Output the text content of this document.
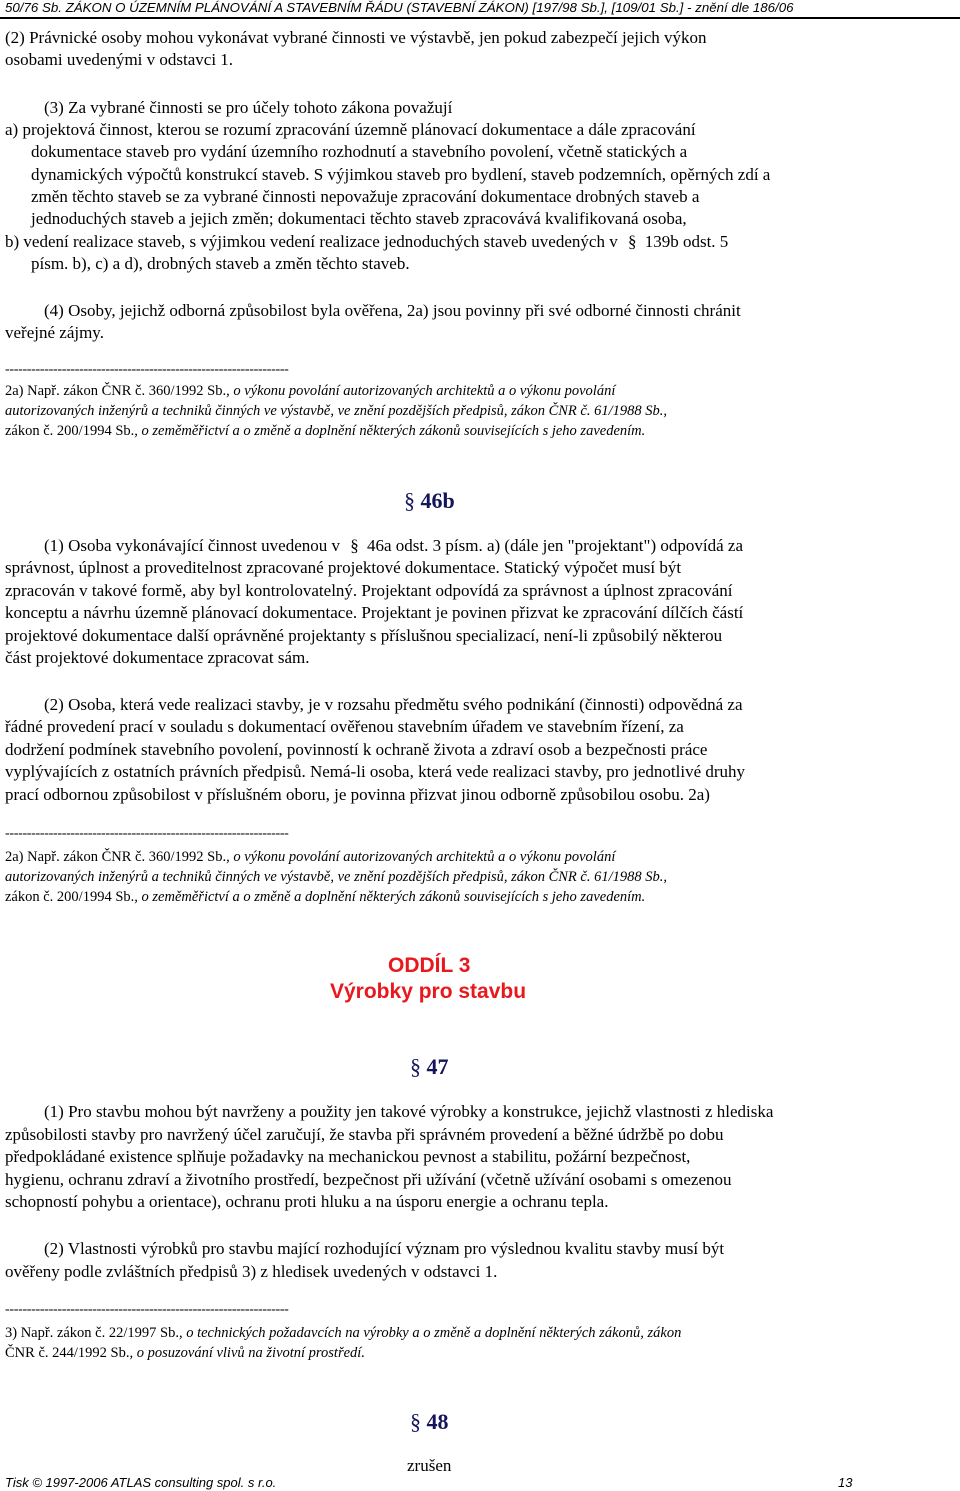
50/76 Sb. ZÁKON O ÚZEMNÍM PLÁNOVÁNÍ A STAVEBNÍM ŘÁDU (STAVEBNÍ ZÁKON) [197/98 Sb.], [109/01 Sb.] - znění dle 186/06
(2) Právnické osoby mohou vykonávat vybrané činnosti ve výstavbě, jen pokud zabezpečí jejich výkon
osobami uvedenými v odstavci 1.
(3) Za vybrané činnosti se pro účely tohoto zákona považují
a) projektová činnost, kterou se rozumí zpracování územně plánovací dokumentace a dále zpracování
dokumentace staveb pro vydání územního rozhodnutí a stavebního povolení, včetně statických a
dynamických výpočtů konstrukcí staveb. S výjimkou staveb pro bydlení, staveb podzemních, opěrných zdí a
změn těchto staveb se za vybrané činnosti nepovažuje zpracování dokumentace drobných staveb a
jednoduchých staveb a jejich změn; dokumentaci těchto staveb zpracovává kvalifikovaná osoba,
b) vedení realizace staveb, s výjimkou vedení realizace jednoduchých staveb uvedených v § 139b odst. 5
písm. b), c) a d), drobných staveb a změn těchto staveb.
(4) Osoby, jejichž odborná způsobilost byla ověřena, 2a) jsou povinny při své odborné činnosti chránit
veřejné zájmy.
-----------------------------------------------------------------
2a) Např. zákon ČNR č. 360/1992 Sb., o výkonu povolání autorizovaných architektů a o výkonu povolání
autorizovaných inženýrů a techniků činných ve výstavbě, ve znění pozdějších předpisů, zákon ČNR č. 61/1988 Sb.,
zákon č. 200/1994 Sb., o zeměměřictví a o změně a doplnění některých zákonů souvisejících s jeho zavedením.
§ 46b
(1) Osoba vykonávající činnost uvedenou v § 46a odst. 3 písm. a) (dále jen "projektant") odpovídá za
správnost, úplnost a proveditelnost zpracované projektové dokumentace. Statický výpočet musí být
zpracován v takové formě, aby byl kontrolovatelný. Projektant odpovídá za správnost a úplnost zpracování
konceptu a návrhu územně plánovací dokumentace. Projektant je povinen přizvat ke zpracování dílčích částí
projektové dokumentace další oprávněné projektanty s příslušnou specializací, není-li způsobilý některou
část projektové dokumentace zpracovat sám.
(2) Osoba, která vede realizaci stavby, je v rozsahu předmětu svého podnikání (činnosti) odpovědná za
řádné provedení prací v souladu s dokumentací ověřenou stavebním úřadem ve stavebním řízení, za
dodržení podmínek stavebního povolení, povinností k ochraně života a zdraví osob a bezpečnosti práce
vyplývajících z ostatních právních předpisů. Nemá-li osoba, která vede realizaci stavby, pro jednotlivé druhy
prací odbornou způsobilost v příslušném oboru, je povinna přizvat jinou odborně způsobilou osobu. 2a)
-----------------------------------------------------------------
2a) Např. zákon ČNR č. 360/1992 Sb., o výkonu povolání autorizovaných architektů a o výkonu povolání
autorizovaných inženýrů a techniků činných ve výstavbě, ve znění pozdějších předpisů, zákon ČNR č. 61/1988 Sb.,
zákon č. 200/1994 Sb., o zeměměřictví a o změně a doplnění některých zákonů souvisejících s jeho zavedením.
ODDÍL 3
Výrobky pro stavbu
§ 47
(1) Pro stavbu mohou být navrženy a použity jen takové výrobky a konstrukce, jejichž vlastnosti z hlediska
způsobilosti stavby pro navržený účel zaručují, že stavba při správném provedení a běžné údržbě po dobu
předpokládané existence splňuje požadavky na mechanickou pevnost a stabilitu, požární bezpečnost,
hygienu, ochranu zdraví a životního prostředí, bezpečnost při užívání (včetně užívání osobami s omezenou
schopností pohybu a orientace), ochranu proti hluku a na úsporu energie a ochranu tepla.
(2) Vlastnosti výrobků pro stavbu mající rozhodující význam pro výslednou kvalitu stavby musí být
ověřeny podle zvláštních předpisů 3) z hledisek uvedených v odstavci 1.
-----------------------------------------------------------------
3) Např. zákon č. 22/1997 Sb., o technických požadavcích na výrobky a o změně a doplnění některých zákonů, zákon
ČNR č. 244/1992 Sb., o posuzování vlivů na životní prostředí.
§ 48
zrušen
Tisk © 1997-2006 ATLAS consulting spol. s r.o.	13
